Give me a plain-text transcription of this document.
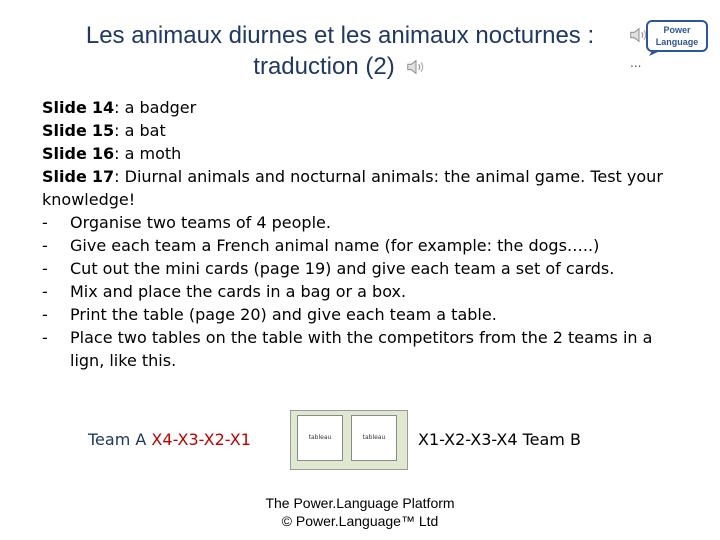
Les animaux diurnes et les animaux nocturnes :
traduction (2)
Power
Language
...

Slide 14: a badger

Slide 15: a bat

Slide 16: a moth

Slide 17: Diurnal animals and nocturnal animals: the animal game. Test your knowledge!

- Organise two teams of 4 people.
- Give each team a French animal name (for example: the dogs…..)
- Cut out the mini cards (page 19) and give each team a set of cards.
- Mix and place the cards in a bag or a box.
- Print the table (page 20) and give each team a table.
- Place two tables on the table with the competitors from the 2 teams in a lign, like this.
Team A X4-X3-X2-X1	tableau	tableau	X1-X2-X3-X4 Team B
The Power.Language Platform
© Power.Language™ Ltd
